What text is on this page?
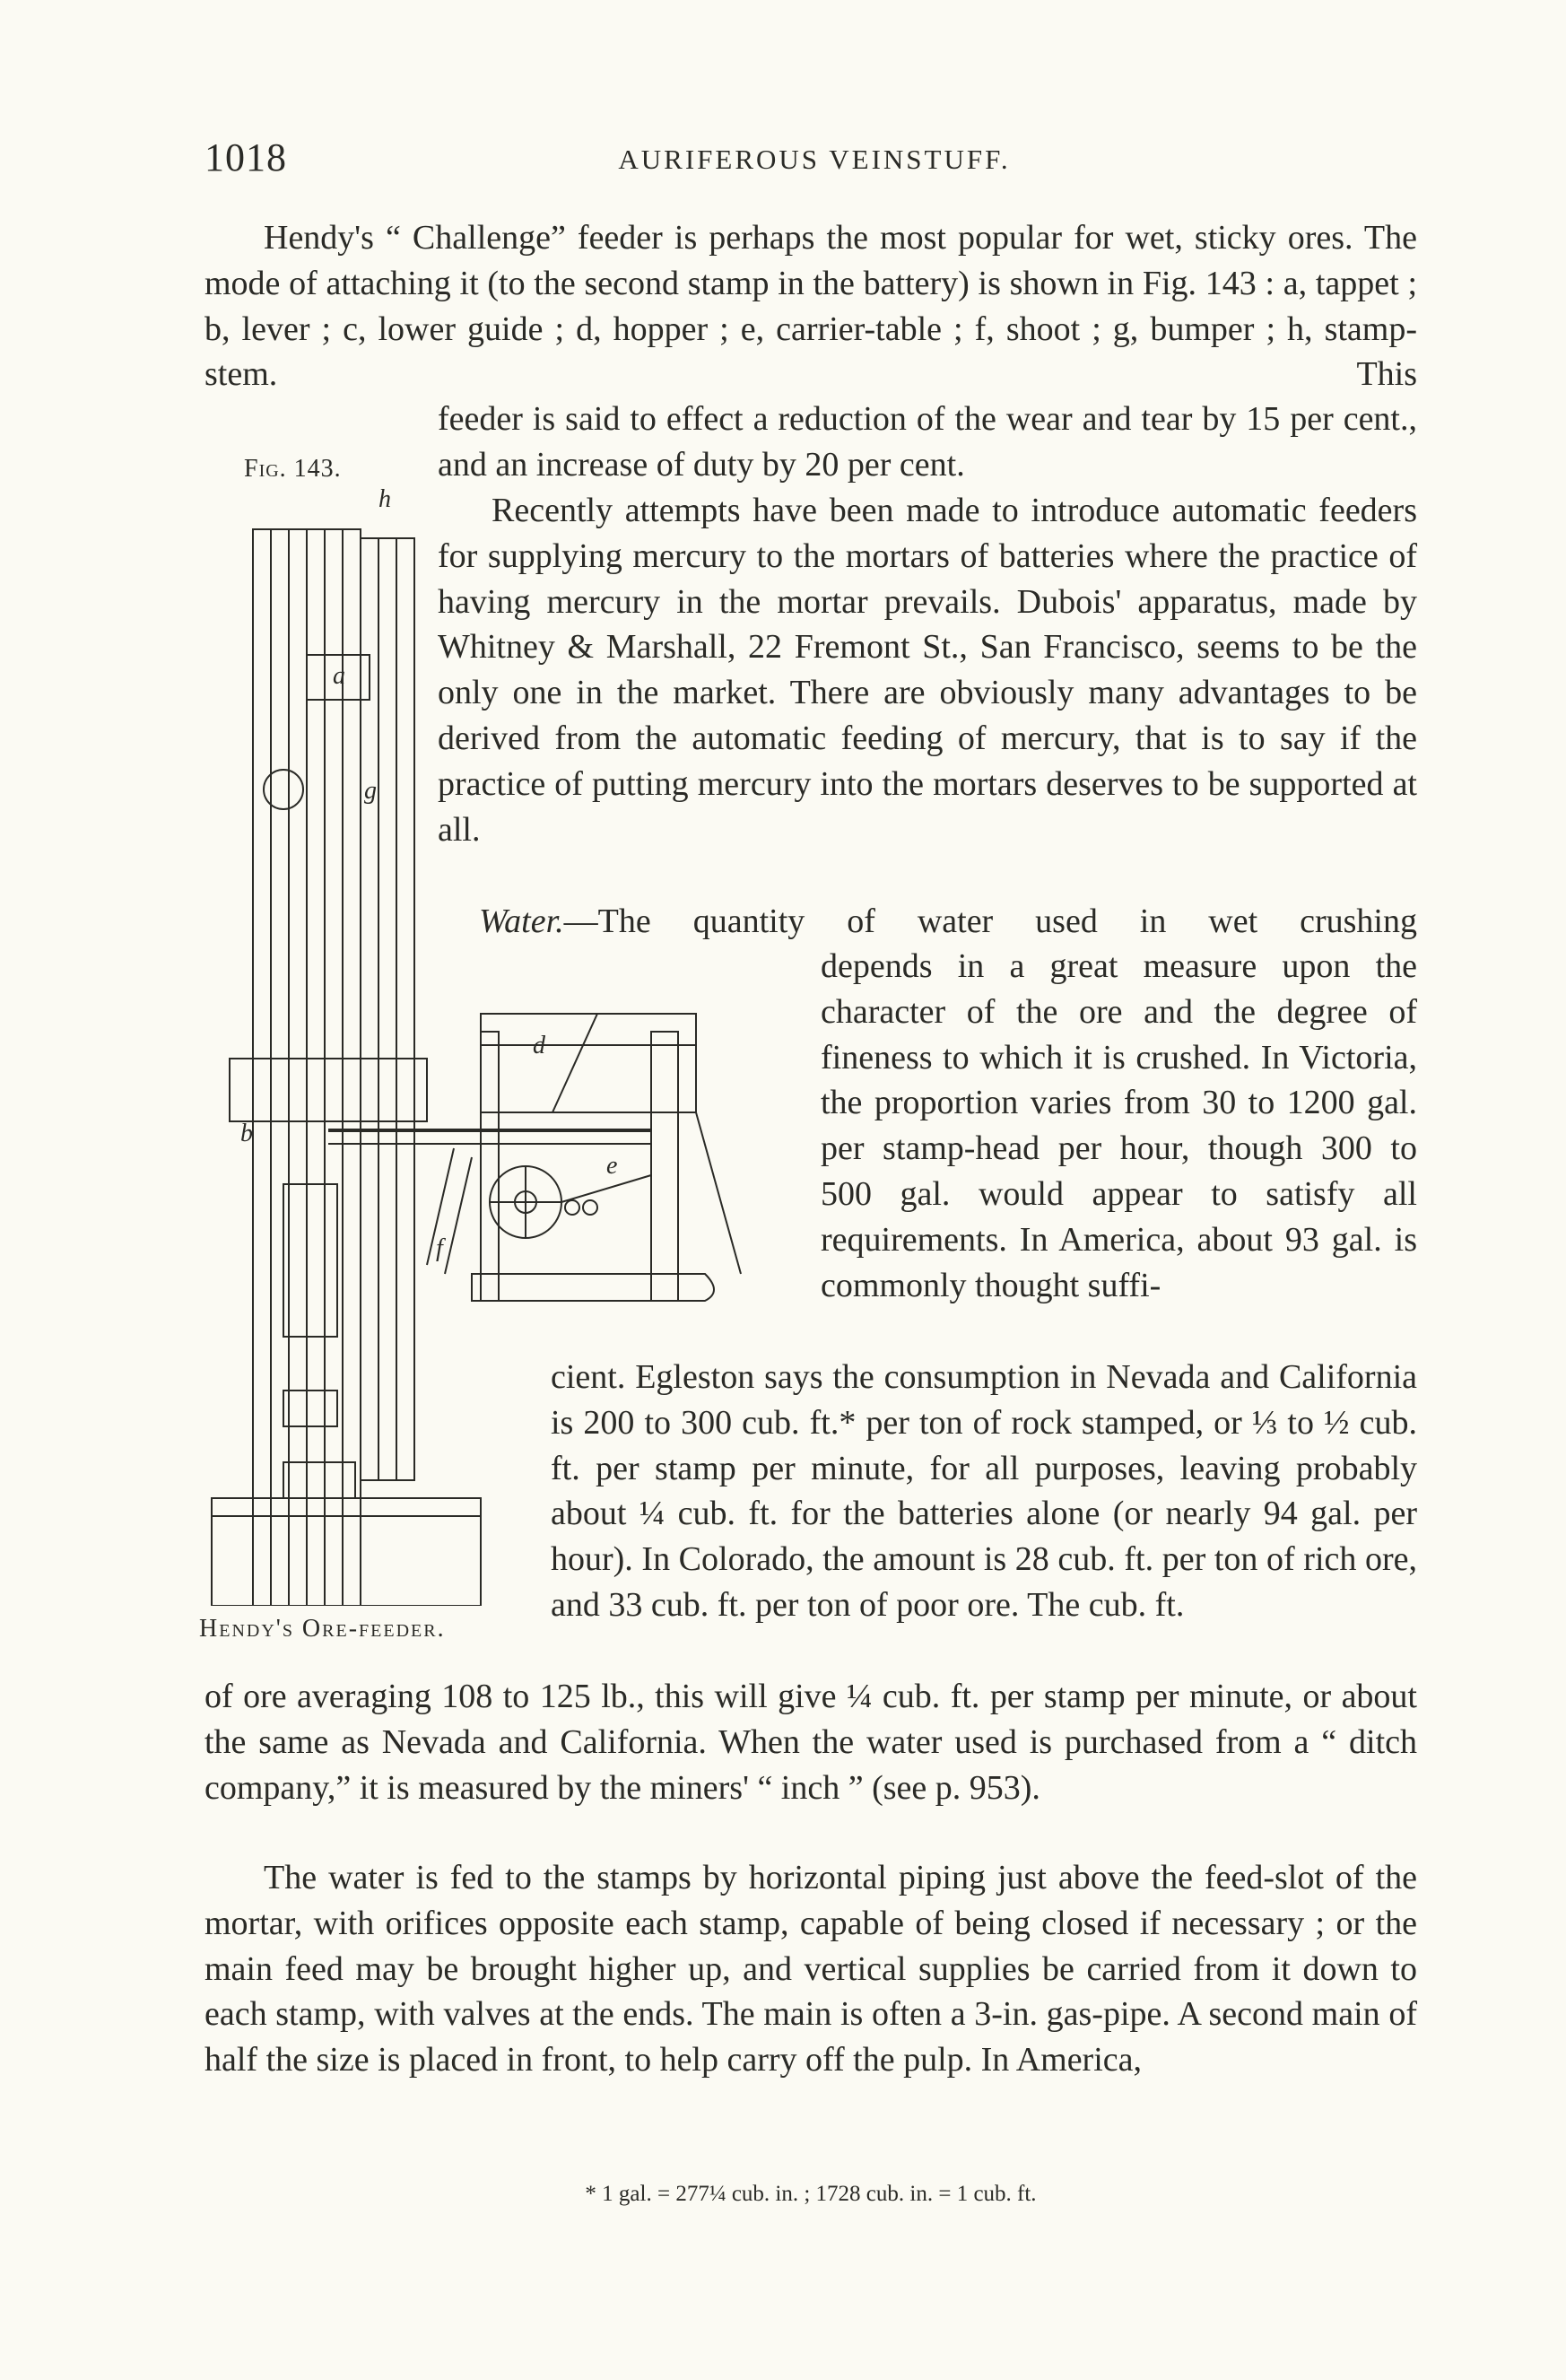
1018	AURIFEROUS VEINSTUFF.

Hendy's “ Challenge” feeder is perhaps the most popular for wet, sticky ores. The mode of attaching it (to the second stamp in the battery) is shown in Fig. 143 : a, tappet ; b, lever ; c, lower guide ; d, hopper ; e, carrier-table ; f, shoot ; g, bumper ; h, stamp-stem.	This

feeder is said to effect a reduction of the wear and tear by 15 per cent., and an increase of duty by 20 per cent.

Recently attempts have been made to introduce automatic feeders for supplying mercury to the mortars of batteries where the practice of having mercury in the mortar prevails. Dubois' apparatus, made by Whitney & Marshall, 22 Fremont St., San Francisco, seems to be the only one in the market. There are obviously many advantages to be derived from the automatic feeding of mercury, that is to say if the practice of putting mercury into the mortars deserves to be supported at all.

Water.—The quantity of water used in wet crushing

depends in a great measure upon the character of the ore and the degree of fineness to which it is crushed. In Victoria, the proportion varies from 30 to 1200 gal. per stamp-head per hour, though 300 to 500 gal. would appear to satisfy all requirements. In America, about 93 gal. is commonly thought suffi-

cient. Egleston says the consumption in Nevada and California is 200 to 300 cub. ft.* per ton of rock stamped, or ⅓ to ½ cub. ft. per stamp per minute, for all purposes, leaving probably about ¼ cub. ft. for the batteries alone (or nearly 94 gal. per hour). In Colorado, the amount is 28 cub. ft. per ton of rich ore, and 33 cub. ft. per ton of poor ore. The cub. ft.

of ore averaging 108 to 125 lb., this will give ¼ cub. ft. per stamp per minute, or about the same as Nevada and California. When the water used is purchased from a “ ditch company,” it is measured by the miners' “ inch ” (see p. 953).

The water is fed to the stamps by horizontal piping just above the feed-slot of the mortar, with orifices opposite each stamp, capable of being closed if necessary ; or the main feed may be brought higher up, and vertical supplies be carried from it down to each stamp, with valves at the ends. The main is often a 3-in. gas-pipe. A second main of half the size is placed in front, to help carry off the pulp. In America,

Fig. 143.
h
a
d
b
e
f
g
Hendy's Ore-feeder.
* 1 gal. = 277¼ cub. in. ; 1728 cub. in. = 1 cub. ft.
